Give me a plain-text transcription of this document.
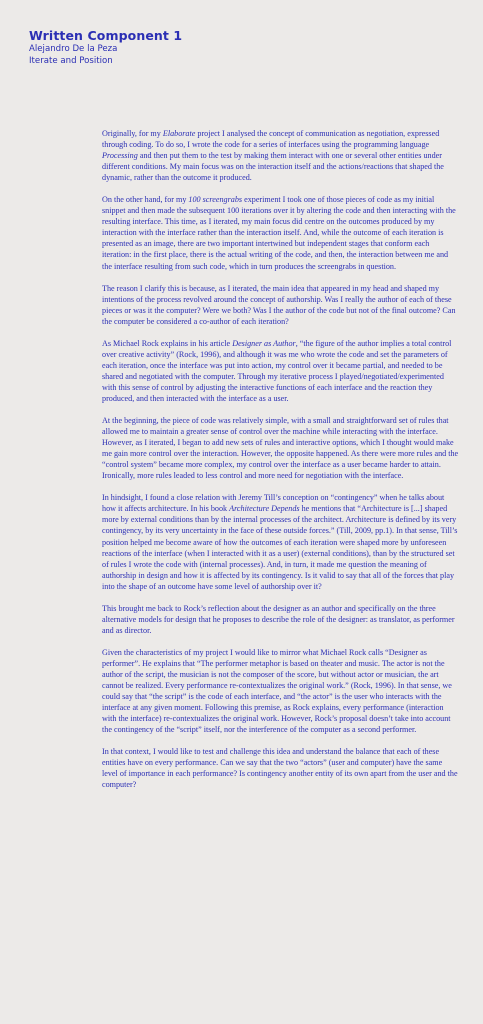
Written Component 1
Alejandro De la Peza
Iterate and Position

Originally, for my Elaborate project I analysed the concept of communication as negotiation, expressed through coding. To do so, I wrote the code for a series of interfaces using the programming language Processing and then put them to the test by making them interact with one or several other entities under different conditions. My main focus was on the interaction itself and the actions/reactions that shaped the dynamic, rather than the outcome it produced.

On the other hand, for my 100 screengrabs experiment I took one of those pieces of code as my initial snippet and then made the subsequent 100 iterations over it by altering the code and then interacting with the resulting interface. This time, as I iterated, my main focus did centre on the outcomes produced by my interaction with the interface rather than the interaction itself. And, while the outcome of each iteration is presented as an image, there are two important intertwined but independent stages that conform each iteration: in the first place, there is the actual writing of the code, and then, the interaction between me and the interface resulting from such code, which in turn produces the screengrabs in question.

The reason I clarify this is because, as I iterated, the main idea that appeared in my head and shaped my intentions of the process revolved around the concept of authorship. Was I really the author of each of these pieces or was it the computer? Were we both? Was I the author of the code but not of the final outcome? Can the computer be considered a co-author of each iteration?

As Michael Rock explains in his article Designer as Author, “the figure of the author implies a total control over creative activity” (Rock, 1996), and although it was me who wrote the code and set the parameters of each iteration, once the interface was put into action, my control over it became partial, and needed to be shared and negotiated with the computer. Through my iterative process I played/negotiated/experimented with this sense of control by adjusting the interactive functions of each interface and the reaction they produced, and then interacted with the interface as a user.

At the beginning, the piece of code was relatively simple, with a small and straightforward set of rules that allowed me to maintain a greater sense of control over the machine while interacting with the interface. However, as I iterated, I began to add new sets of rules and interactive options, which I thought would make me gain more control over the interaction. However, the opposite happened. As there were more rules and the “control system” became more complex, my control over the interface as a user became harder to attain. Ironically, more rules leaded to less control and more need for negotiation with the interface.

In hindsight, I found a close relation with Jeremy Till’s conception on “contingency” when he talks about how it affects architecture. In his book Architecture Depends he mentions that “Architecture is [...] shaped more by external conditions than by the internal processes of the architect. Architecture is defined by its very contingency, by its very uncertainty in the face of these outside forces.” (Till, 2009, pp.1). In that sense, Till’s position helped me become aware of how the outcomes of each iteration were shaped more by unforeseen reactions of the interface (when I interacted with it as a user) (external conditions), than by the structured set of rules I wrote the code with (internal processes). And, in turn, it made me question the meaning of authorship in design and how it is affected by its contingency. Is it valid to say that all of the forces that play into the shape of an outcome have some level of authorship over it?

This brought me back to Rock’s reflection about the designer as an author and specifically on the three alternative models for design that he proposes to describe the role of the designer: as translator, as performer and as director.

Given the characteristics of my project I would like to mirror what Michael Rock calls “Designer as performer”. He explains that “The performer metaphor is based on theater and music. The actor is not the author of the script, the musician is not the composer of the score, but without actor or musician, the art cannot be realized. Every performance re-contextualizes the original work.” (Rock, 1996). In that sense, we could say that “the script” is the code of each interface, and “the actor” is the user who interacts with the interface at any given moment. Following this premise, as Rock explains, every performance (interaction with the interface) re-contextualizes the original work. However, Rock’s proposal doesn’t take into account the contingency of the “script” itself, nor the interference of the computer as a second performer.

In that context, I would like to test and challenge this idea and understand the balance that each of these entities have on every performance. Can we say that the two “actors” (user and computer) have the same level of importance in each performance? Is contingency another entity of its own apart from the user and the computer?
